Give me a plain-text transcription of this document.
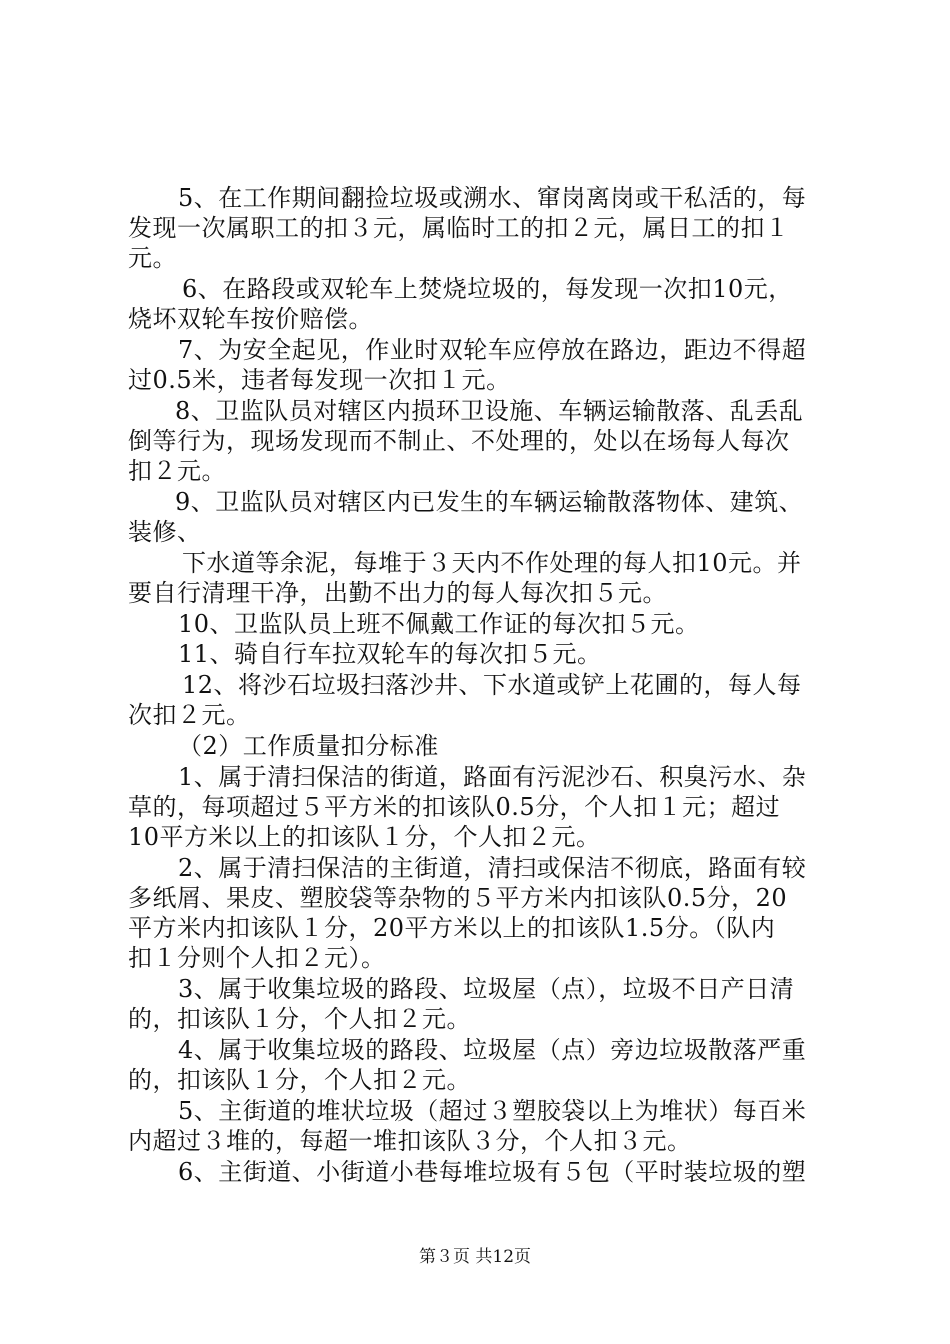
5、在工作期间翻捡垃圾或溯水、窜岗离岗或干私活的，每
发现一次属职工的扣３元，属临时工的扣２元，属日工的扣１
元。
6、在路段或双轮车上焚烧垃圾的，每发现一次扣10元，
烧坏双轮车按价赔偿。
7、为安全起见，作业时双轮车应停放在路边，距边不得超
过0.5米，违者每发现一次扣１元。
8、卫监队员对辖区内损环卫设施、车辆运输散落、乱丢乱
倒等行为，现场发现而不制止、不处理的，处以在场每人每次
扣２元。
9、卫监队员对辖区内已发生的车辆运输散落物体、建筑、
装修、
下水道等余泥，每堆于３天内不作处理的每人扣10元。并
要自行清理干净，出勤不出力的每人每次扣５元。
10、卫监队员上班不佩戴工作证的每次扣５元。
11、骑自行车拉双轮车的每次扣５元。
12、将沙石垃圾扫落沙井、下水道或铲上花圃的，每人每
次扣２元。
（2）工作质量扣分标准
1、属于清扫保洁的街道，路面有污泥沙石、积臭污水、杂
草的，每项超过５平方米的扣该队0.5分，个人扣１元；超过
10平方米以上的扣该队１分，个人扣２元。
2、属于清扫保洁的主街道，清扫或保洁不彻底，路面有较
多纸屑、果皮、塑胶袋等杂物的５平方米内扣该队0.5分，20
平方米内扣该队１分，20平方米以上的扣该队1.5分。（队内
扣１分则个人扣２元）。
3、属于收集垃圾的路段、垃圾屋（点），垃圾不日产日清
的，扣该队１分，个人扣２元。
4、属于收集垃圾的路段、垃圾屋（点）旁边垃圾散落严重
的，扣该队１分，个人扣２元。
5、主街道的堆状垃圾（超过３塑胶袋以上为堆状）每百米
内超过３堆的，每超一堆扣该队３分，个人扣３元。
6、主街道、小街道小巷每堆垃圾有５包（平时装垃圾的塑
第３页 共12页
